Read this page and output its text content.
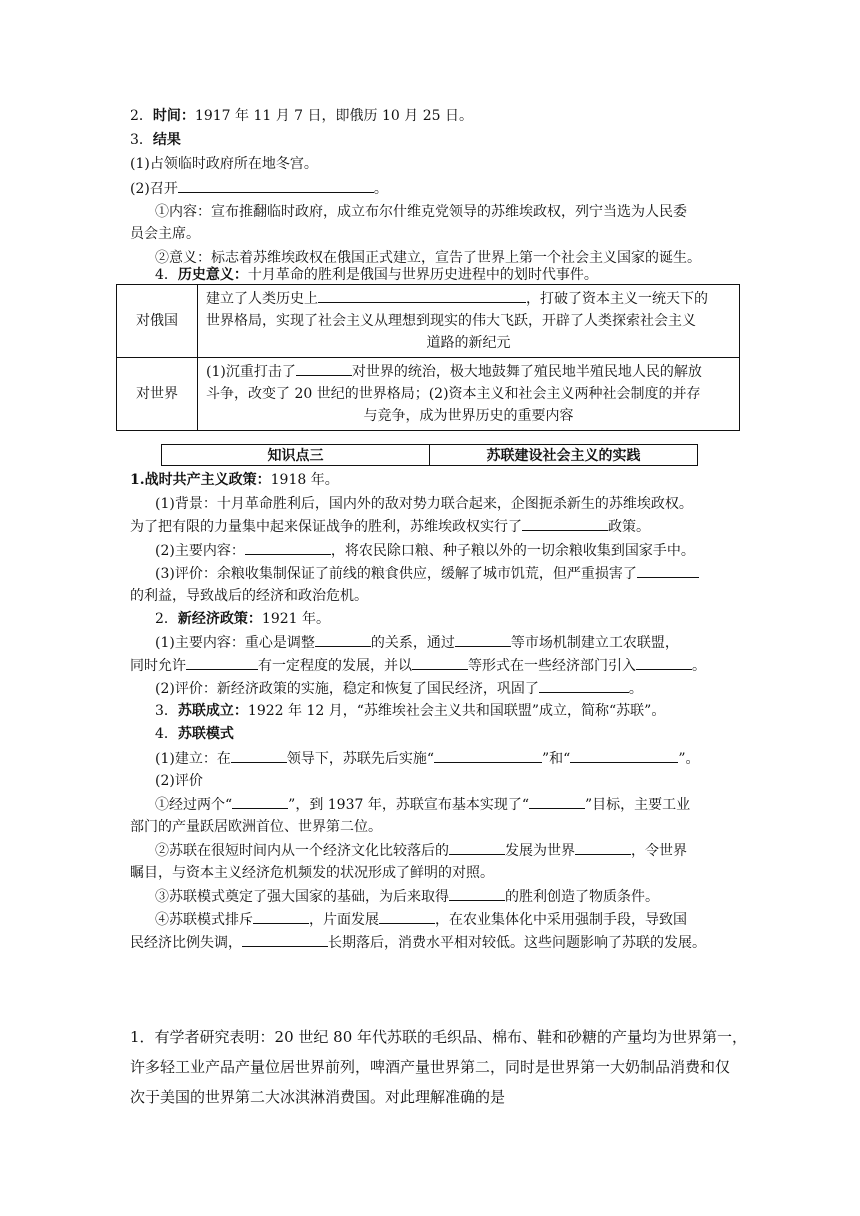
2．时间：1917 年 11 月 7 日，即俄历 10 月 25 日。
3．结果
(1)占领临时政府所在地冬宫。
(2)召开	。
①内容：宣布推翻临时政府，成立布尔什维克党领导的苏维埃政权，列宁当选为人民委
员会主席。
②意义：标志着苏维埃政权在俄国正式建立，宣告了世界上第一个社会主义国家的诞生。
4．历史意义：十月革命的胜利是俄国与世界历史进程中的划时代事件。
对俄国	建立了人类历史上 ，打破了资本主义一统天下的
世界格局，实现了社会主义从理想到现实的伟大飞跃，开辟了人类探索社会主义
道路的新纪元

对世界	(1)沉重打击了 对世界的统治，极大地鼓舞了殖民地半殖民地人民的解放
斗争，改变了 20 世纪的世界格局；(2)资本主义和社会主义两种社会制度的并存
与竞争，成为世界历史的重要内容
知识点三	苏联建设社会主义的实践
1.战时共产主义政策：1918 年。
(1)背景：十月革命胜利后，国内外的敌对势力联合起来，企图扼杀新生的苏维埃政权。
为了把有限的力量集中起来保证战争的胜利，苏维埃政权实行了	政策。
(2)主要内容：	，将农民除口粮、种子粮以外的一切余粮收集到国家手中。
(3)评价：余粮收集制保证了前线的粮食供应，缓解了城市饥荒，但严重损害了
的利益，导致战后的经济和政治危机。
2．新经济政策：1921 年。
(1)主要内容：重心是调整	的关系，通过	等市场机制建立工农联盟，
同时允许	有一定程度的发展，并以	等形式在一些经济部门引入	。
(2)评价：新经济政策的实施，稳定和恢复了国民经济，巩固了	。
3．苏联成立：1922 年 12 月，“苏维埃社会主义共和国联盟”成立，简称“苏联”。
4．苏联模式
(1)建立：在	领导下，苏联先后实施“	”和“	”。
(2)评价
①经过两个“	”，到 1937 年，苏联宣布基本实现了“	”目标，主要工业
部门的产量跃居欧洲首位、世界第二位。
②苏联在很短时间内从一个经济文化比较落后的	发展为世界	，令世界
瞩目，与资本主义经济危机频发的状况形成了鲜明的对照。
③苏联模式奠定了强大国家的基础，为后来取得	的胜利创造了物质条件。
④苏联模式排斥	，片面发展	，在农业集体化中采用强制手段，导致国
民经济比例失调，	长期落后，消费水平相对较低。这些问题影响了苏联的发展。
1．有学者研究表明：20 世纪 80 年代苏联的毛织品、棉布、鞋和砂糖的产量均为世界第一，
许多轻工业产品产量位居世界前列，啤酒产量世界第二，同时是世界第一大奶制品消费和仅
次于美国的世界第二大冰淇淋消费国。对此理解准确的是
